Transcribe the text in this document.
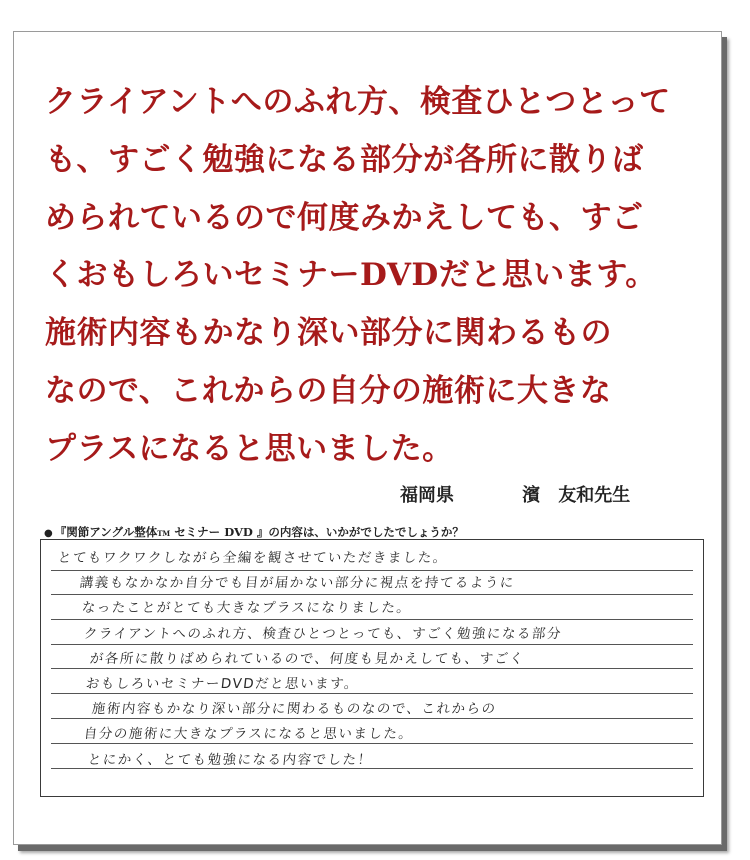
クライアントへのふれ方、検査ひとつとって
も、すごく勉強になる部分が各所に散りば
められているので何度みかえしても、すご
くおもしろいセミナーDVDだと思います。
施術内容もかなり深い部分に関わるもの
なので、これからの自分の施術に大きな
プラスになると思いました。
福岡県	濱　友和先生
● 『関節アングル整体TM セミナー DVD 』の内容は、いかがでしたでしょうか？
とてもワクワクしながら全編を観させていただきました。
講義もなかなか自分でも目が届かない部分に視点を持てるように
なったことがとても大きなプラスになりました。
クライアントへのふれ方、検査ひとつとっても、すごく勉強になる部分
が各所に散りばめられているので、何度も見かえしても、すごく
おもしろいセミナーDVDだと思います。
施術内容もかなり深い部分に関わるものなので、これからの
自分の施術に大きなプラスになると思いました。
とにかく、とても勉強になる内容でした！
